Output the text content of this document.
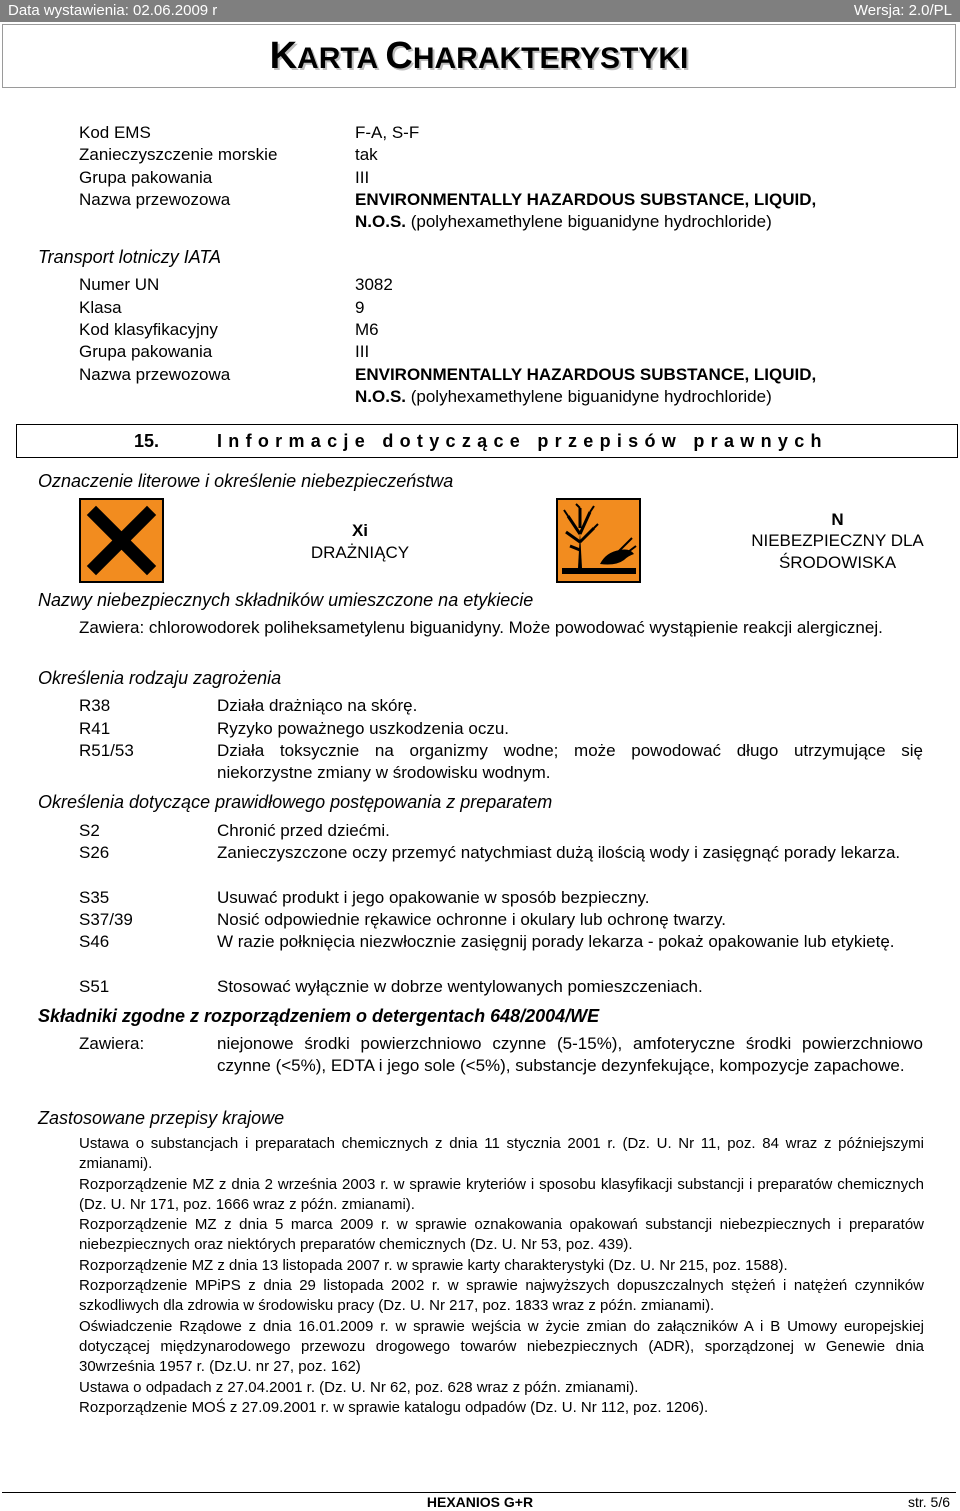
Data wystawienia: 02.06.2009 r	Wersja: 2.0/PL
KARTA CHARAKTERYSTYKI
Kod EMS	F-A, S-F
Zanieczyszczenie morskie	tak
Grupa pakowania	III
Nazwa przewozowa	ENVIRONMENTALLY HAZARDOUS SUBSTANCE, LIQUID,
N.O.S. (polyhexamethylene biguanidyne hydrochloride)
Transport lotniczy IATA
Numer UN	3082
Klasa	9
Kod klasyfikacyjny	M6
Grupa pakowania	III
Nazwa przewozowa	ENVIRONMENTALLY HAZARDOUS SUBSTANCE, LIQUID,
N.O.S. (polyhexamethylene biguanidyne hydrochloride)
15.	Informacje dotyczące przepisów prawnych
Oznaczenie literowe i określenie niebezpieczeństwa
Xi
DRAŻNIĄCY
N
NIEBEZPIECZNY DLA
ŚRODOWISKA
Nazwy niebezpiecznych składników umieszczone na etykiecie
Zawiera: chlorowodorek poliheksametylenu biguanidyny. Może powodować wystąpienie reakcji alergicznej.
Określenia rodzaju zagrożenia
R38	Działa drażniąco na skórę.
R41	Ryzyko poważnego uszkodzenia oczu.
R51/53	Działa toksycznie na organizmy wodne; może powodować długo utrzymujące się niekorzystne zmiany w środowisku wodnym.
Określenia dotyczące prawidłowego postępowania z preparatem
S2	Chronić przed dziećmi.
S26	Zanieczyszczone oczy przemyć natychmiast dużą ilością wody i zasięgnąć porady lekarza.
S35	Usuwać produkt i jego opakowanie w sposób bezpieczny.
S37/39	Nosić odpowiednie rękawice ochronne i okulary lub ochronę twarzy.
S46	W razie połknięcia niezwłocznie zasięgnij porady lekarza - pokaż opakowanie lub etykietę.
S51	Stosować wyłącznie w dobrze wentylowanych pomieszczeniach.
Składniki zgodne z rozporządzeniem o detergentach 648/2004/WE
Zawiera:	niejonowe środki powierzchniowo czynne (5-15%), amfoteryczne środki powierzchniowo czynne (<5%), EDTA i jego sole (<5%), substancje dezynfekujące, kompozycje zapachowe.
Zastosowane przepisy krajowe
Ustawa o substancjach i preparatach chemicznych z dnia 11 stycznia 2001 r. (Dz. U. Nr 11, poz. 84 wraz z późniejszymi zmianami).
Rozporządzenie MZ z dnia 2 września 2003 r. w sprawie kryteriów i sposobu klasyfikacji substancji i preparatów chemicznych (Dz. U. Nr 171, poz. 1666 wraz z późn. zmianami).
Rozporządzenie MZ z dnia 5 marca 2009 r. w sprawie oznakowania opakowań substancji niebezpiecznych i preparatów niebezpiecznych oraz niektórych preparatów chemicznych (Dz. U. Nr 53, poz. 439).
Rozporządzenie MZ z dnia 13 listopada 2007 r. w sprawie karty charakterystyki (Dz. U. Nr 215, poz. 1588).
Rozporządzenie MPiPS z dnia 29 listopada 2002 r. w sprawie najwyższych dopuszczalnych stężeń i natężeń czynników szkodliwych dla zdrowia w środowisku pracy (Dz. U. Nr 217, poz. 1833 wraz z późn. zmianami).
Oświadczenie Rządowe z dnia 16.01.2009 r. w sprawie wejścia w życie zmian do załączników A i B Umowy europejskiej dotyczącej międzynarodowego przewozu drogowego towarów niebezpiecznych (ADR), sporządzonej w Genewie dnia 30września 1957 r. (Dz.U. nr 27, poz. 162)
Ustawa o odpadach z 27.04.2001 r. (Dz. U. Nr 62, poz. 628 wraz z późn. zmianami).
Rozporządzenie MOŚ z 27.09.2001 r. w sprawie katalogu odpadów (Dz. U. Nr 112, poz. 1206).
HEXANIOS G+R	str. 5/6
